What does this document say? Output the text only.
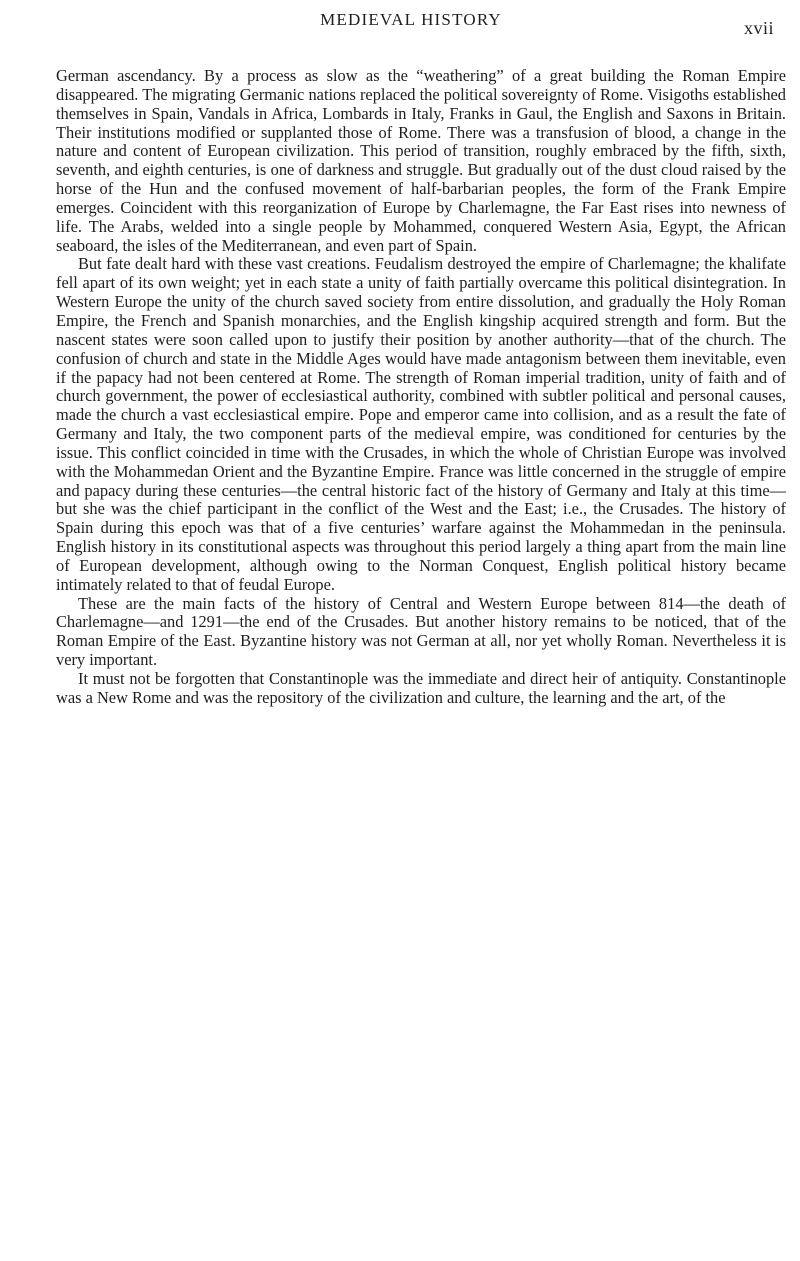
MEDIEVAL HISTORY	xvii

German ascendancy. By a process as slow as the “weathering” of a great building the Roman Empire disappeared. The migrating Germanic nations replaced the political sovereignty of Rome. Visigoths established themselves in Spain, Vandals in Africa, Lombards in Italy, Franks in Gaul, the English and Saxons in Britain. Their institutions modified or supplanted those of Rome. There was a transfusion of blood, a change in the nature and content of European civilization. This period of transition, roughly embraced by the fifth, sixth, seventh, and eighth centuries, is one of darkness and struggle. But gradually out of the dust cloud raised by the horse of the Hun and the confused movement of half-barbarian peoples, the form of the Frank Empire emerges. Coincident with this reorganization of Europe by Charlemagne, the Far East rises into newness of life. The Arabs, welded into a single people by Mohammed, conquered Western Asia, Egypt, the African seaboard, the isles of the Mediterranean, and even part of Spain.

But fate dealt hard with these vast creations. Feudalism destroyed the empire of Charlemagne; the khalifate fell apart of its own weight; yet in each state a unity of faith partially overcame this political disintegration. In Western Europe the unity of the church saved society from entire dissolution, and gradually the Holy Roman Empire, the French and Spanish monarchies, and the English kingship acquired strength and form. But the nascent states were soon called upon to justify their position by another authority—that of the church. The confusion of church and state in the Middle Ages would have made antagonism between them inevitable, even if the papacy had not been centered at Rome. The strength of Roman imperial tradition, unity of faith and of church government, the power of ecclesiastical authority, combined with subtler political and personal causes, made the church a vast ecclesiastical empire. Pope and emperor came into collision, and as a result the fate of Germany and Italy, the two component parts of the medieval empire, was conditioned for centuries by the issue. This conflict coincided in time with the Crusades, in which the whole of Christian Europe was involved with the Mohammedan Orient and the Byzantine Empire. France was little concerned in the struggle of empire and papacy during these centuries—the central historic fact of the history of Germany and Italy at this time—but she was the chief participant in the conflict of the West and the East; i.e., the Crusades. The history of Spain during this epoch was that of a five centuries’ warfare against the Mohammedan in the peninsula. English history in its constitutional aspects was throughout this period largely a thing apart from the main line of European development, although owing to the Norman Conquest, English political history became intimately related to that of feudal Europe.

These are the main facts of the history of Central and Western Europe between 814—the death of Charlemagne—and 1291—the end of the Crusades. But another history remains to be noticed, that of the Roman Empire of the East. Byzantine history was not German at all, nor yet wholly Roman. Nevertheless it is very important.

It must not be forgotten that Constantinople was the immediate and direct heir of antiquity. Constantinople was a New Rome and was the repository of the civilization and culture, the learning and the art, of the
